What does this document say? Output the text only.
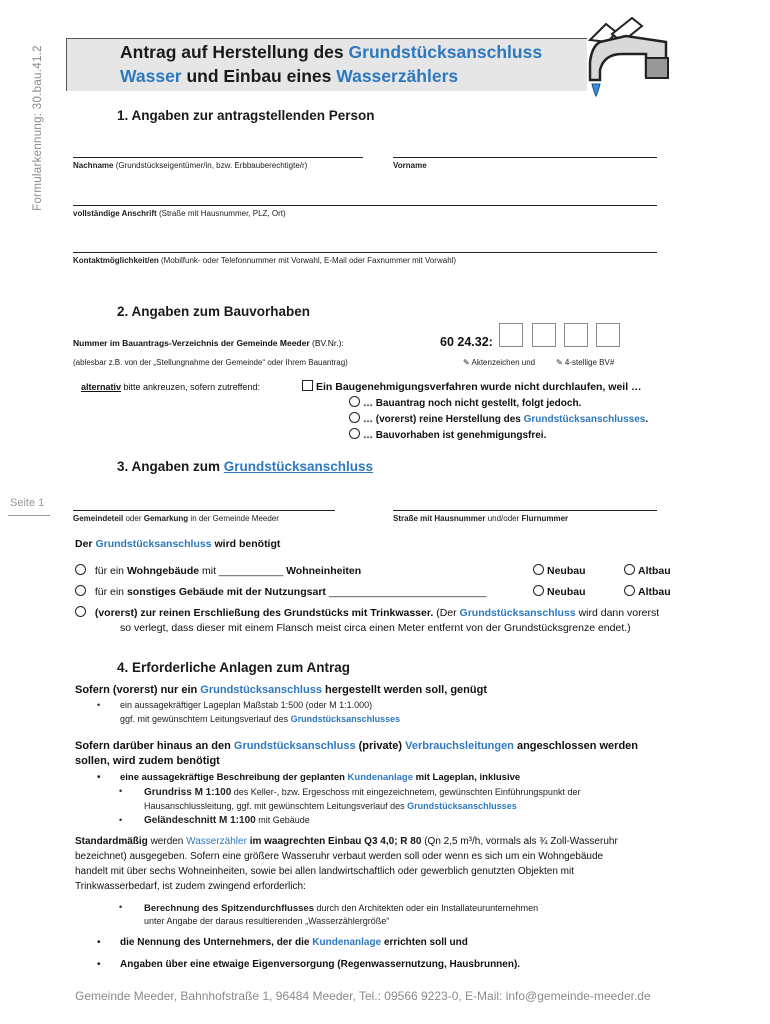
Formularkennung: 30.bau.41.2
Seite 1
Antrag auf Herstellung des Grundstücksanschluss
Wasser und Einbau eines Wasserzählers
1. Angaben zur antragstellenden Person
Nachname (Grundstückseigentümer/in, bzw. Erbbauberechtigte/r)	Vorname
vollständige Anschrift (Straße mit Hausnummer, PLZ, Ort)
Kontaktmöglichkeit/en (Mobilfunk- oder Telefonnummer mit Vorwahl, E-Mail oder Faxnummer mit Vorwahl)
2. Angaben zum Bauvorhaben
Nummer im Bauantrags-Verzeichnis der Gemeinde Meeder (BV.Nr.):	60 24.32:
(ablesbar z.B. von der „Stellungnahme der Gemeinde“ oder Ihrem Bauantrag)	✎ Aktenzeichen und	✎ 4-stellige BV#
alternativ bitte ankreuzen, sofern zutreffend:	Ein Baugenehmigungsverfahren wurde nicht durchlaufen, weil …
… Bauantrag noch nicht gestellt, folgt jedoch.
… (vorerst) reine Herstellung des Grundstücksanschlusses.
… Bauvorhaben ist genehmigungsfrei.
3. Angaben zum Grundstücksanschluss
Gemeindeteil oder Gemarkung in der Gemeinde Meeder	Straße mit Hausnummer und/oder Flurnummer
Der Grundstücksanschluss wird benötigt
für ein Wohngebäude mit ___________ Wohneinheiten	Neubau	Altbau
für ein sonstiges Gebäude mit der Nutzungsart ___________________________	Neubau	Altbau
(vorerst) zur reinen Erschließung des Grundstücks mit Trinkwasser. (Der Grundstücksanschluss wird dann vorerst
so verlegt, dass dieser mit einem Flansch meist circa einen Meter entfernt von der Grundstücksgrenze endet.)
4. Erforderliche Anlagen zum Antrag
Sofern (vorerst) nur ein Grundstücksanschluss hergestellt werden soll, genügt
• ein aussagekräftiger Lageplan Maßstab 1:500 (oder M 1:1.000)
ggf. mit gewünschtem Leitungsverlauf des Grundstücksanschlusses
Sofern darüber hinaus an den Grundstücksanschluss (private) Verbrauchsleitungen angeschlossen werden
sollen, wird zudem benötigt
• eine aussagekräftige Beschreibung der geplanten Kundenanlage mit Lageplan, inklusive
• Grundriss M 1:100 des Keller-, bzw. Ergeschoss mit eingezeichnetem, gewünschten Einführungspunkt der
Hausanschlussleitung, ggf. mit gewünschtem Leitungsverlauf des Grundstücksanschlusses
• Geländeschnitt M 1:100 mit Gebäude
Standardmäßig werden Wasserzähler im waagrechten Einbau Q3 4,0; R 80 (Qn 2,5 m³/h, vormals als ¾ Zoll-Wasseruhr
bezeichnet) ausgegeben. Sofern eine größere Wasseruhr verbaut werden soll oder wenn es sich um ein Wohngebäude
handelt mit über sechs Wohneinheiten, sowie bei allen landwirtschaftlich oder gewerblich genutzten Objekten mit
Trinkwasserbedarf, ist zudem zwingend erforderlich:
• Berechnung des Spitzendurchflusses durch den Architekten oder ein Installateurunternehmen
unter Angabe der daraus resultierenden „Wasserzählergröße“
• die Nennung des Unternehmers, der die Kundenanlage errichten soll und
• Angaben über eine etwaige Eigenversorgung (Regenwassernutzung, Hausbrunnen).
Gemeinde Meeder, Bahnhofstraße 1, 96484 Meeder, Tel.: 09566 9223-0, E-Mail: info@gemeinde-meeder.de
